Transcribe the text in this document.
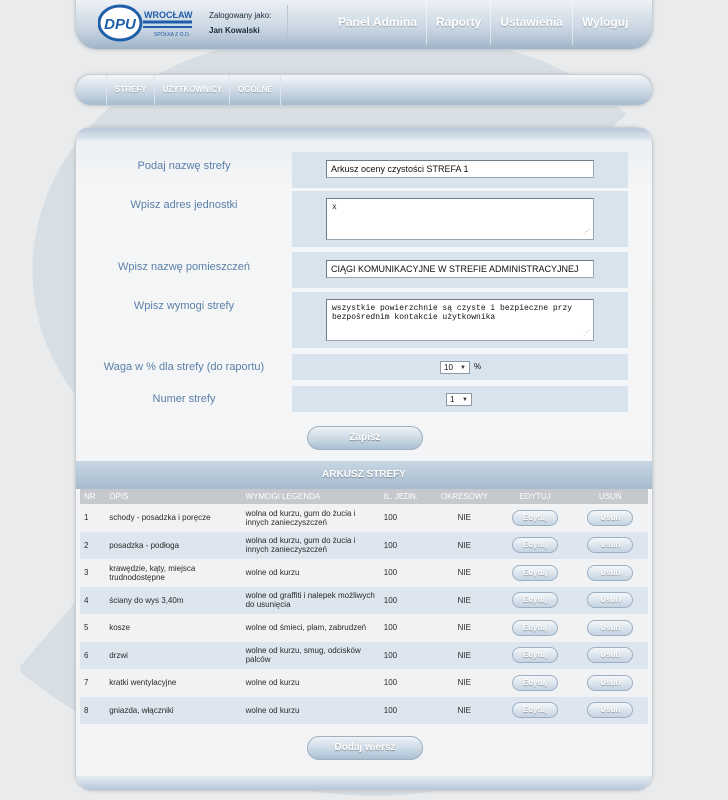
DPU
WROCŁAW
SPÓŁKA Z O.O.
Zalogowany jako:
Jan Kowalski
Panel Admina	Raporty	Ustawienia	Wyloguj
STREFY	UŻYTKOWNICY	OGÓLNE
Podaj nazwę strefy	Arkusz oceny czystości STREFA 1
Wpisz adres jednostki	x
⋰
Wpisz nazwę pomieszczeń	CIĄGI KOMUNIKACYJNE W STREFIE ADMINISTRACYJNEJ
Wpisz wymogi strefy	wszystkie powierzchnie są czyste i bezpieczne przy bezpośrednim kontakcie użytkownika
⋰
Waga w % dla strefy (do raportu)	10 ▼ %
Numer strefy	1 ▼
Zapisz
ARKUSZ STREFY
NR	OPIS	WYMOGI LEGENDA	IL. JEDN.	OKRESOWY	EDYTUJ	USUŃ
1	schody - posadzka i poręcze	wolna od kurzu, gum do żucia i innych zanieczyszczeń	100	NIE	Edytuj	Usuń
2	posadzka - podłoga	wolna od kurzu, gum do żucia i innych zanieczyszczeń	100	NIE	Edytuj	Usuń
3	krawędzie, kąty, miejsca trudnodostępne	wolne od kurzu	100	NIE	Edytuj	Usuń
4	ściany do wys 3,40m	wolne od graffiti i nalepek możliwych do usunięcia	100	NIE	Edytuj	Usuń
5	kosze	wolne od śmieci, plam, zabrudzeń	100	NIE	Edytuj	Usuń
6	drzwi	wolne od kurzu, smug, odcisków palców	100	NIE	Edytuj	Usuń
7	kratki wentylacyjne	wolne od kurzu	100	NIE	Edytuj	Usuń
8	gniazda, włączniki	wolne od kurzu	100	NIE	Edytuj	Usuń
Dodaj wiersz
